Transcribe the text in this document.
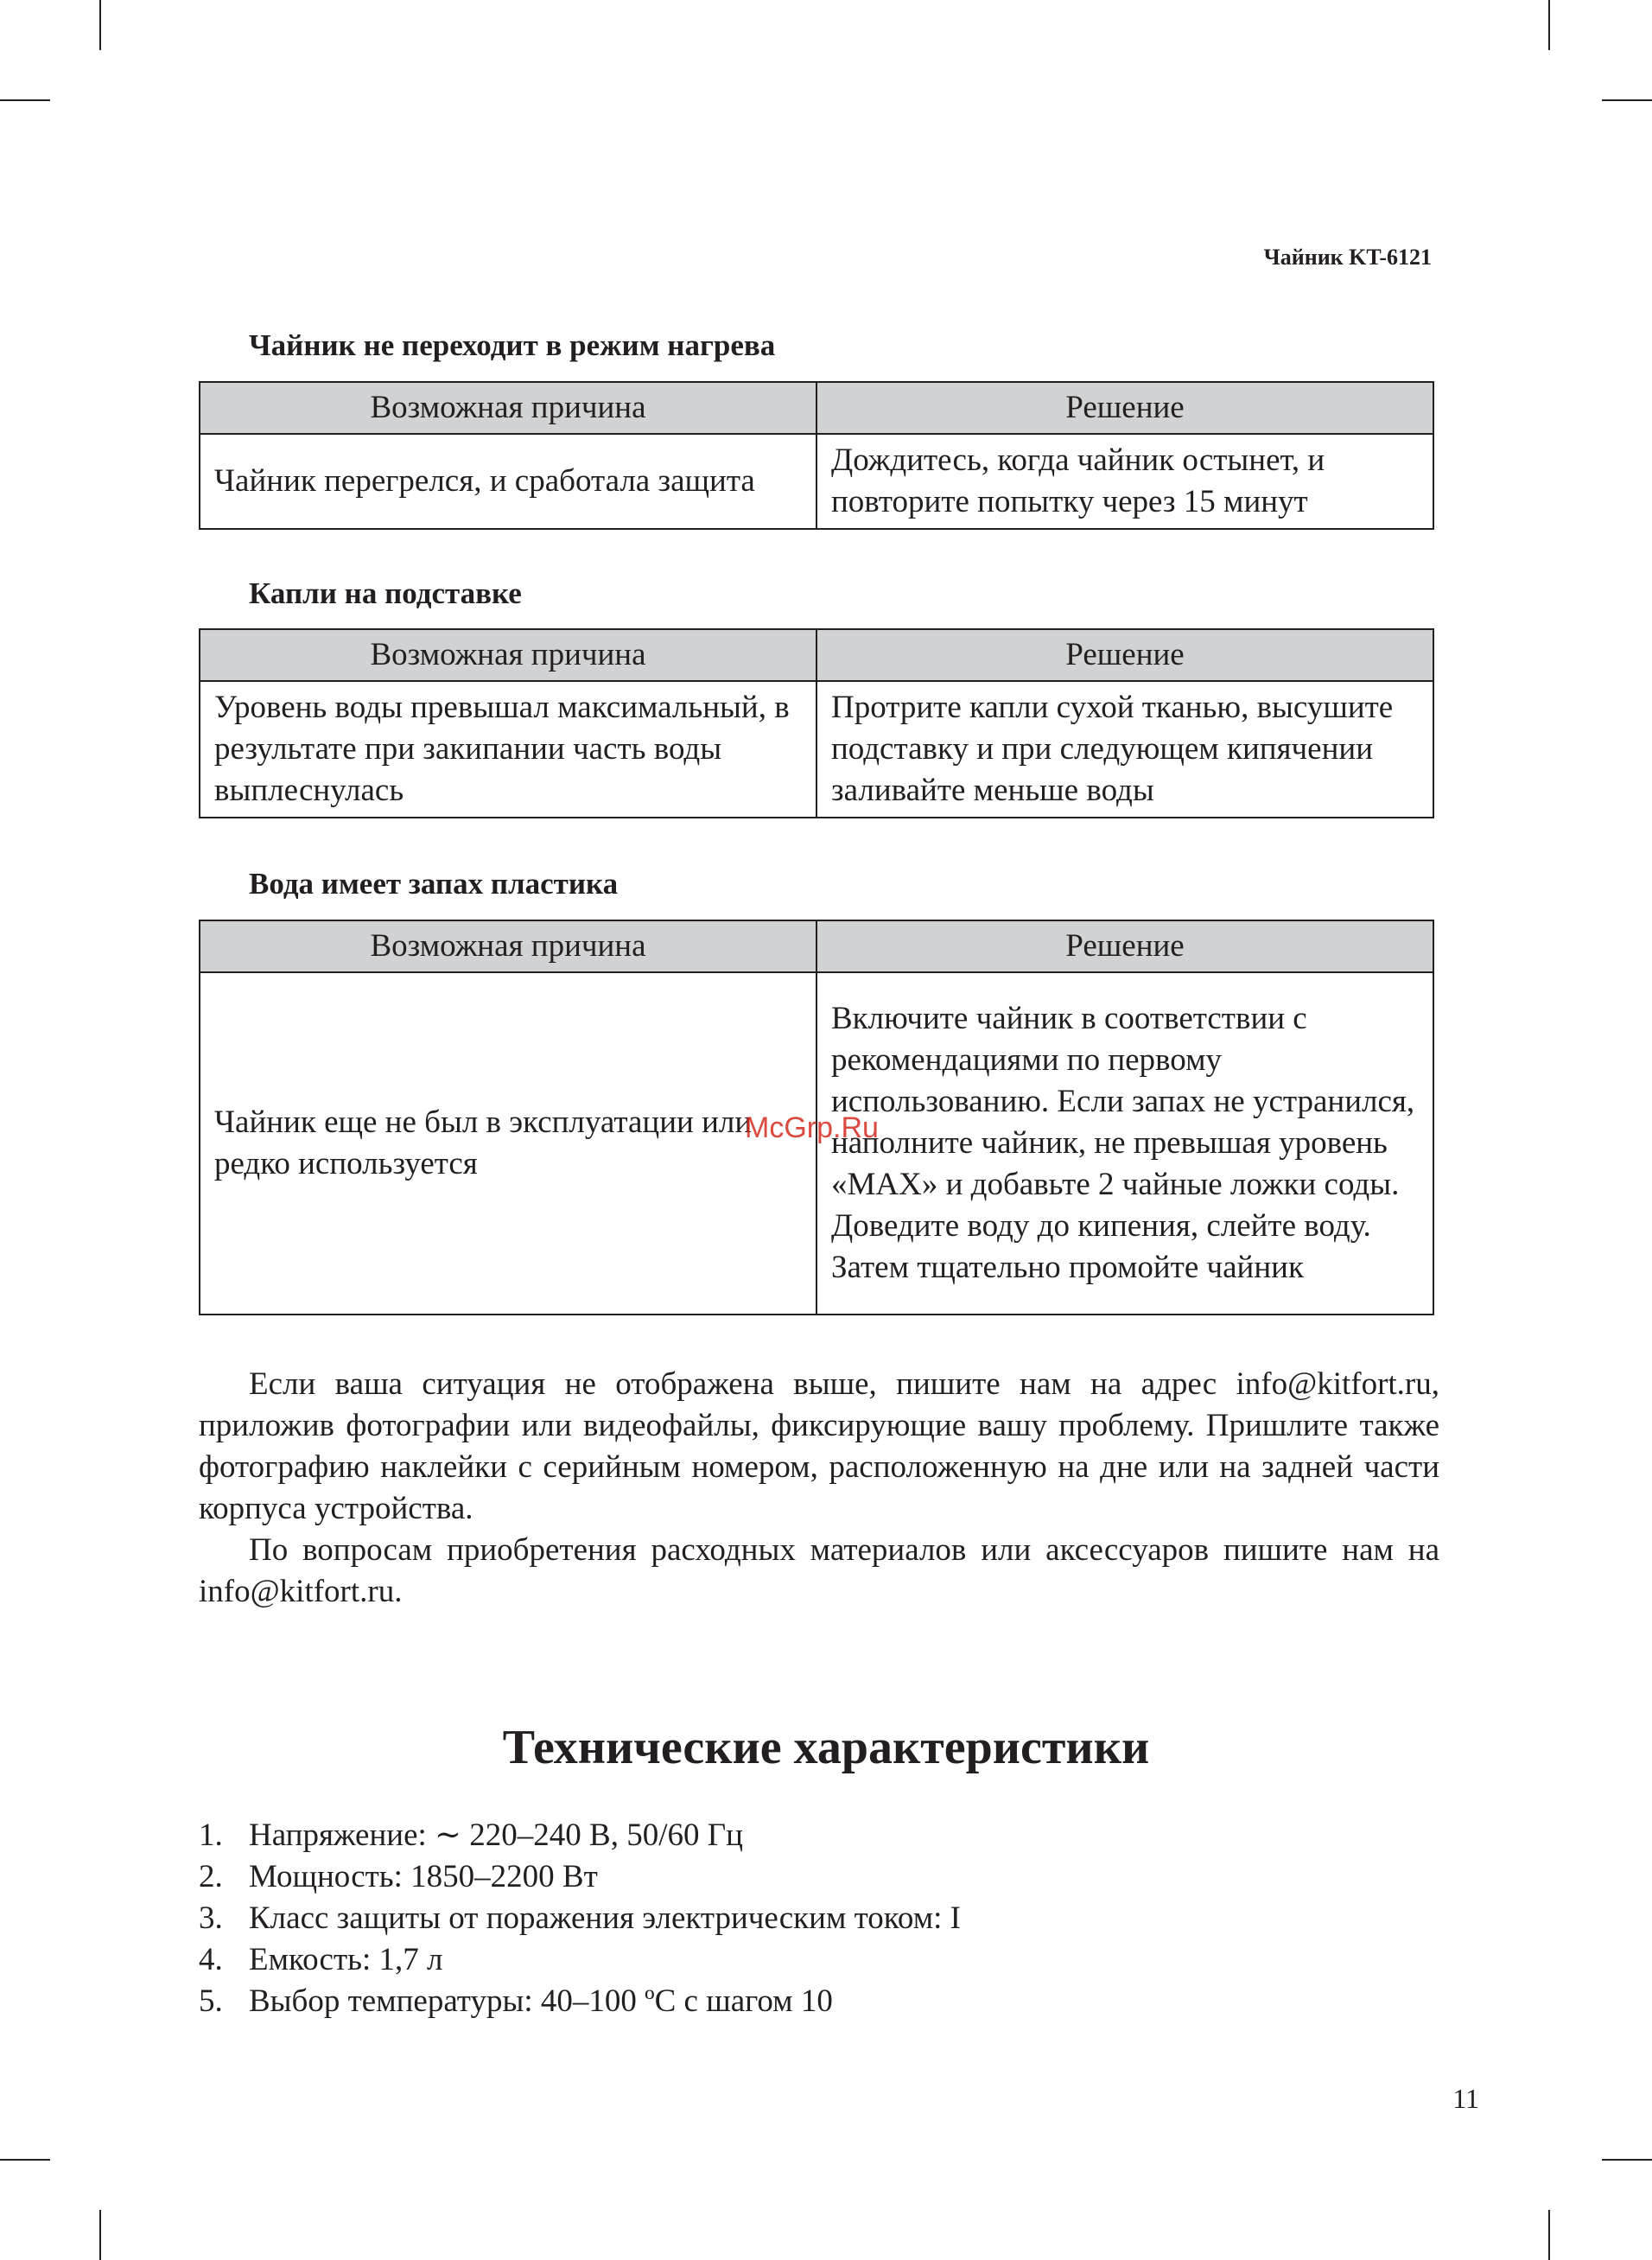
Чайник KT-6121
Чайник не переходит в режим нагрева
Возможная причина	Решение
Чайник перегрелся, и сработала защита	Дождитесь, когда чайник остынет, и повторите попытку через 15 минут
Капли на подставке
Возможная причина	Решение
Уровень воды превышал максимальный, в результате при закипании часть воды выплеснулась	Протрите капли сухой тканью, высушите подставку и при следующем кипячении заливайте меньше воды
Вода имеет запах пластика
Возможная причина	Решение
Чайник еще не был в эксплуатации или редко используется	Включите чайник в соответствии с рекомендациями по первому использованию. Если запах не устранился, наполните чайник, не превышая уровень «MAX» и добавьте 2 чайные ложки соды. Доведите воду до кипения, слейте воду. Затем тщательно промойте чайник
McGrp.Ru

Если ваша ситуация не отображена выше, пишите нам на адрес info@kitfort.ru, приложив фотографии или видеофайлы, фиксирующие вашу проблему. Пришлите также фотографию наклейки с серийным номером, расположенную на дне или на задней части корпуса устройства.

По вопросам приобретения расходных материалов или аксессуаров пишите нам на info@kitfort.ru.

Технические характеристики
1. Напряжение: ∼ 220–240 В, 50/60 Гц
2. Мощность: 1850–2200 Вт
3. Класс защиты от поражения электрическим током: I
4. Емкость: 1,7 л
5. Выбор температуры: 40–100 ºС с шагом 10
11
